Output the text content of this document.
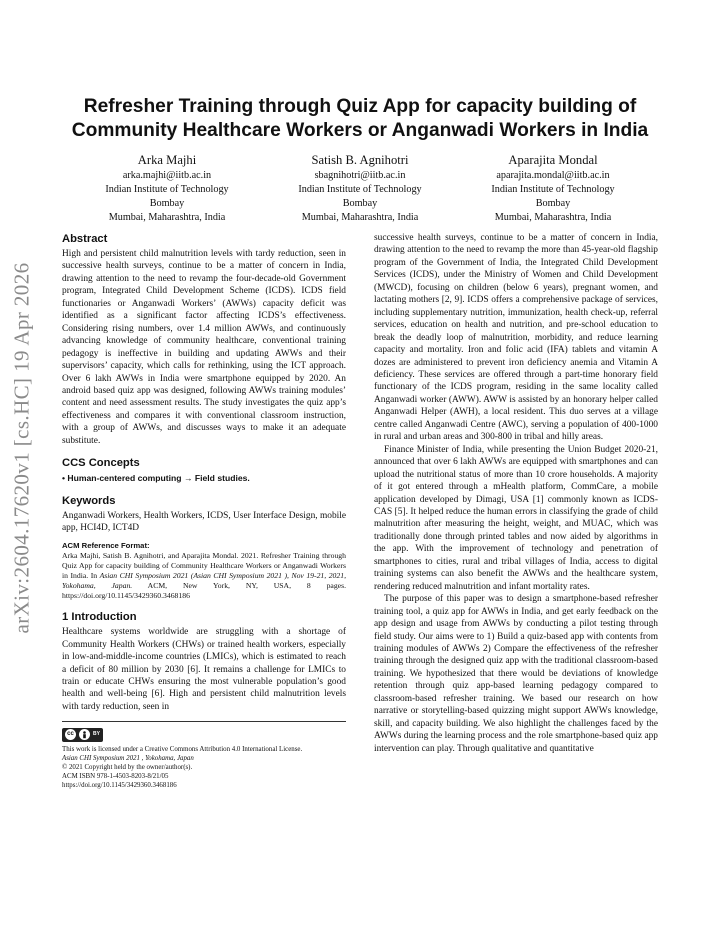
arXiv:2604.17620v1 [cs.HC] 19 Apr 2026
Refresher Training through Quiz App for capacity building of
Community Healthcare Workers or Anganwadi Workers in India
Arka Majhi
arka.majhi@iitb.ac.in
Indian Institute of Technology
Bombay
Mumbai, Maharashtra, India
Satish B. Agnihotri
sbagnihotri@iitb.ac.in
Indian Institute of Technology
Bombay
Mumbai, Maharashtra, India
Aparajita Mondal
aparajita.mondal@iitb.ac.in
Indian Institute of Technology
Bombay
Mumbai, Maharashtra, India
Abstract

High and persistent child malnutrition levels with tardy reduction, seen in successive health surveys, continue to be a matter of concern in India, drawing attention to the need to revamp the four-decade-old Government program, Integrated Child Development Scheme (ICDS). ICDS field functionaries or Anganwadi Workers’ (AWWs) capacity deficit was identified as a significant factor affecting ICDS’s effectiveness. Considering rising numbers, over 1.4 million AWWs, and continuously advancing knowledge of community healthcare, conventional training pedagogy is ineffective in building and updating AWWs and their supervisors’ capacity, which calls for rethinking, using the ICT approach. Over 6 lakh AWWs in India were smartphone equipped by 2020. An android based quiz app was designed, following AWWs training modules’ content and need assessment results. The study investigates the quiz app’s effectiveness and compares it with conventional classroom instruction, with a group of AWWs, and discusses ways to make it an adequate substitute.

CCS Concepts

• Human-centered computing → Field studies.

Keywords

Anganwadi Workers, Health Workers, ICDS, User Interface Design, mobile app, HCI4D, ICT4D

ACM Reference Format:

Arka Majhi, Satish B. Agnihotri, and Aparajita Mondal. 2021. Refresher Training through Quiz App for capacity building of Community Healthcare Workers or Anganwadi Workers in India. In Asian CHI Symposium 2021 (Asian CHI Symposium 2021 ), Nov 19-21, 2021, Yokohama, Japan. ACM, New York, NY, USA, 8 pages. https://doi.org/10.1145/3429360.3468186

1 Introduction

Healthcare systems worldwide are struggling with a shortage of Community Health Workers (CHWs) or trained health workers, especially in low-and-middle-income countries (LMICs), which is estimated to reach a deficit of 80 million by 2030 [6]. It remains a challenge for LMICs to train or educate CHWs ensuring the most vulnerable population’s good health and well-being [6]. High and persistent child malnutrition levels with tardy reduction, seen in

cc	BY
This work is licensed under a Creative Commons Attribution 4.0 International License.
Asian CHI Symposium 2021 , Yokohama, Japan
© 2021 Copyright held by the owner/author(s).
ACM ISBN 978-1-4503-8203-8/21/05
https://doi.org/10.1145/3429360.3468186

successive health surveys, continue to be a matter of concern in India, drawing attention to the need to revamp the more than 45-year-old flagship program of the Government of India, the Integrated Child Development Services (ICDS), under the Ministry of Women and Child Development (MWCD), focusing on children (below 6 years), pregnant women, and lactating mothers [2, 9]. ICDS offers a comprehensive package of services, including supplementary nutrition, immunization, health check-up, referral services, education on health and nutrition, and pre-school education to break the deadly loop of malnutrition, morbidity, and reduce learning capacity and mortality. Iron and folic acid (IFA) tablets and vitamin A dozes are administered to prevent iron deficiency anemia and Vitamin A deficiency. These services are offered through a part-time honorary field functionary of the ICDS program, residing in the same locality called Anganwadi worker (AWW). AWW is assisted by an honorary helper called Anganwadi Helper (AWH), a local resident. This duo serves at a village centre called Anganwadi Centre (AWC), serving a population of 400-1000 in rural and urban areas and 300-800 in tribal and hilly areas.

Finance Minister of India, while presenting the Union Budget 2020-21, announced that over 6 lakh AWWs are equipped with smartphones and can upload the nutritional status of more than 10 crore households. A majority of it got entered through a mHealth platform, CommCare, a mobile application developed by Dimagi, USA [1] commonly known as ICDS-CAS [5]. It helped reduce the human errors in classifying the grade of child malnutrition after measuring the height, weight, and MUAC, which was traditionally done through printed tables and now aided by algorithms in the app. With the improvement of technology and penetration of smartphones to cities, rural and tribal villages of India, access to digital training systems can also benefit the AWWs and the healthcare system, rendering reduced malnutrition and infant mortality rates.

The purpose of this paper was to design a smartphone-based refresher training tool, a quiz app for AWWs in India, and get early feedback on the app design and usage from AWWs by conducting a pilot testing through field study. Our aims were to 1) Build a quiz-based app with contents from training modules of AWWs 2) Compare the effectiveness of the refresher training through the designed quiz app with the traditional classroom-based training. We hypothesized that there would be deviations of knowledge retention through quiz app-based learning pedagogy compared to classroom-based refresher training. We based our research on how narrative or storytelling-based quizzing might support AWWs knowledge, skill, and capacity building. We also highlight the challenges faced by the AWWs during the learning process and the role smartphone-based quiz app intervention can play. Through qualitative and quantitative
